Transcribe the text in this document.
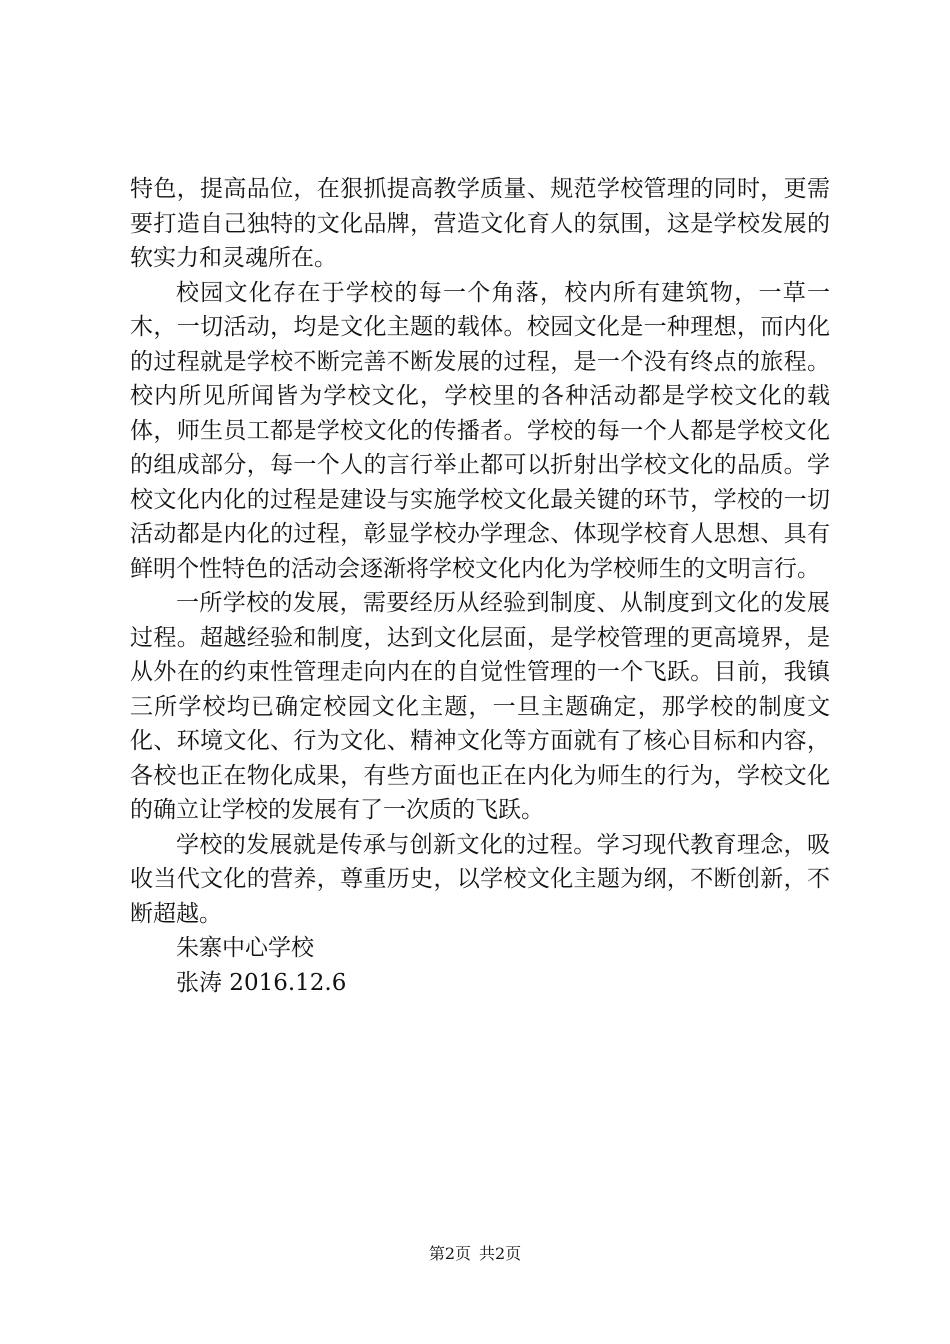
特色，提高品位，在狠抓提高教学质量、规范学校管理的同时，更需要打造自己独特的文化品牌，营造文化育人的氛围，这是学校发展的软实力和灵魂所在。

校园文化存在于学校的每一个角落，校内所有建筑物，一草一木，一切活动，均是文化主题的载体。校园文化是一种理想，而内化的过程就是学校不断完善不断发展的过程，是一个没有终点的旅程。校内所见所闻皆为学校文化，学校里的各种活动都是学校文化的载体，师生员工都是学校文化的传播者。学校的每一个人都是学校文化的组成部分，每一个人的言行举止都可以折射出学校文化的品质。学校文化内化的过程是建设与实施学校文化最关键的环节，学校的一切活动都是内化的过程，彰显学校办学理念、体现学校育人思想、具有鲜明个性特色的活动会逐渐将学校文化内化为学校师生的文明言行。

一所学校的发展，需要经历从经验到制度、从制度到文化的发展过程。超越经验和制度，达到文化层面，是学校管理的更高境界，是从外在的约束性管理走向内在的自觉性管理的一个飞跃。目前，我镇三所学校均已确定校园文化主题，一旦主题确定，那学校的制度文化、环境文化、行为文化、精神文化等方面就有了核心目标和内容，各校也正在物化成果，有些方面也正在内化为师生的行为，学校文化的确立让学校的发展有了一次质的飞跃。

学校的发展就是传承与创新文化的过程。学习现代教育理念，吸收当代文化的营养，尊重历史，以学校文化主题为纲，不断创新，不断超越。

朱寨中心学校

张涛 2016.12.6

第2页 共2页
